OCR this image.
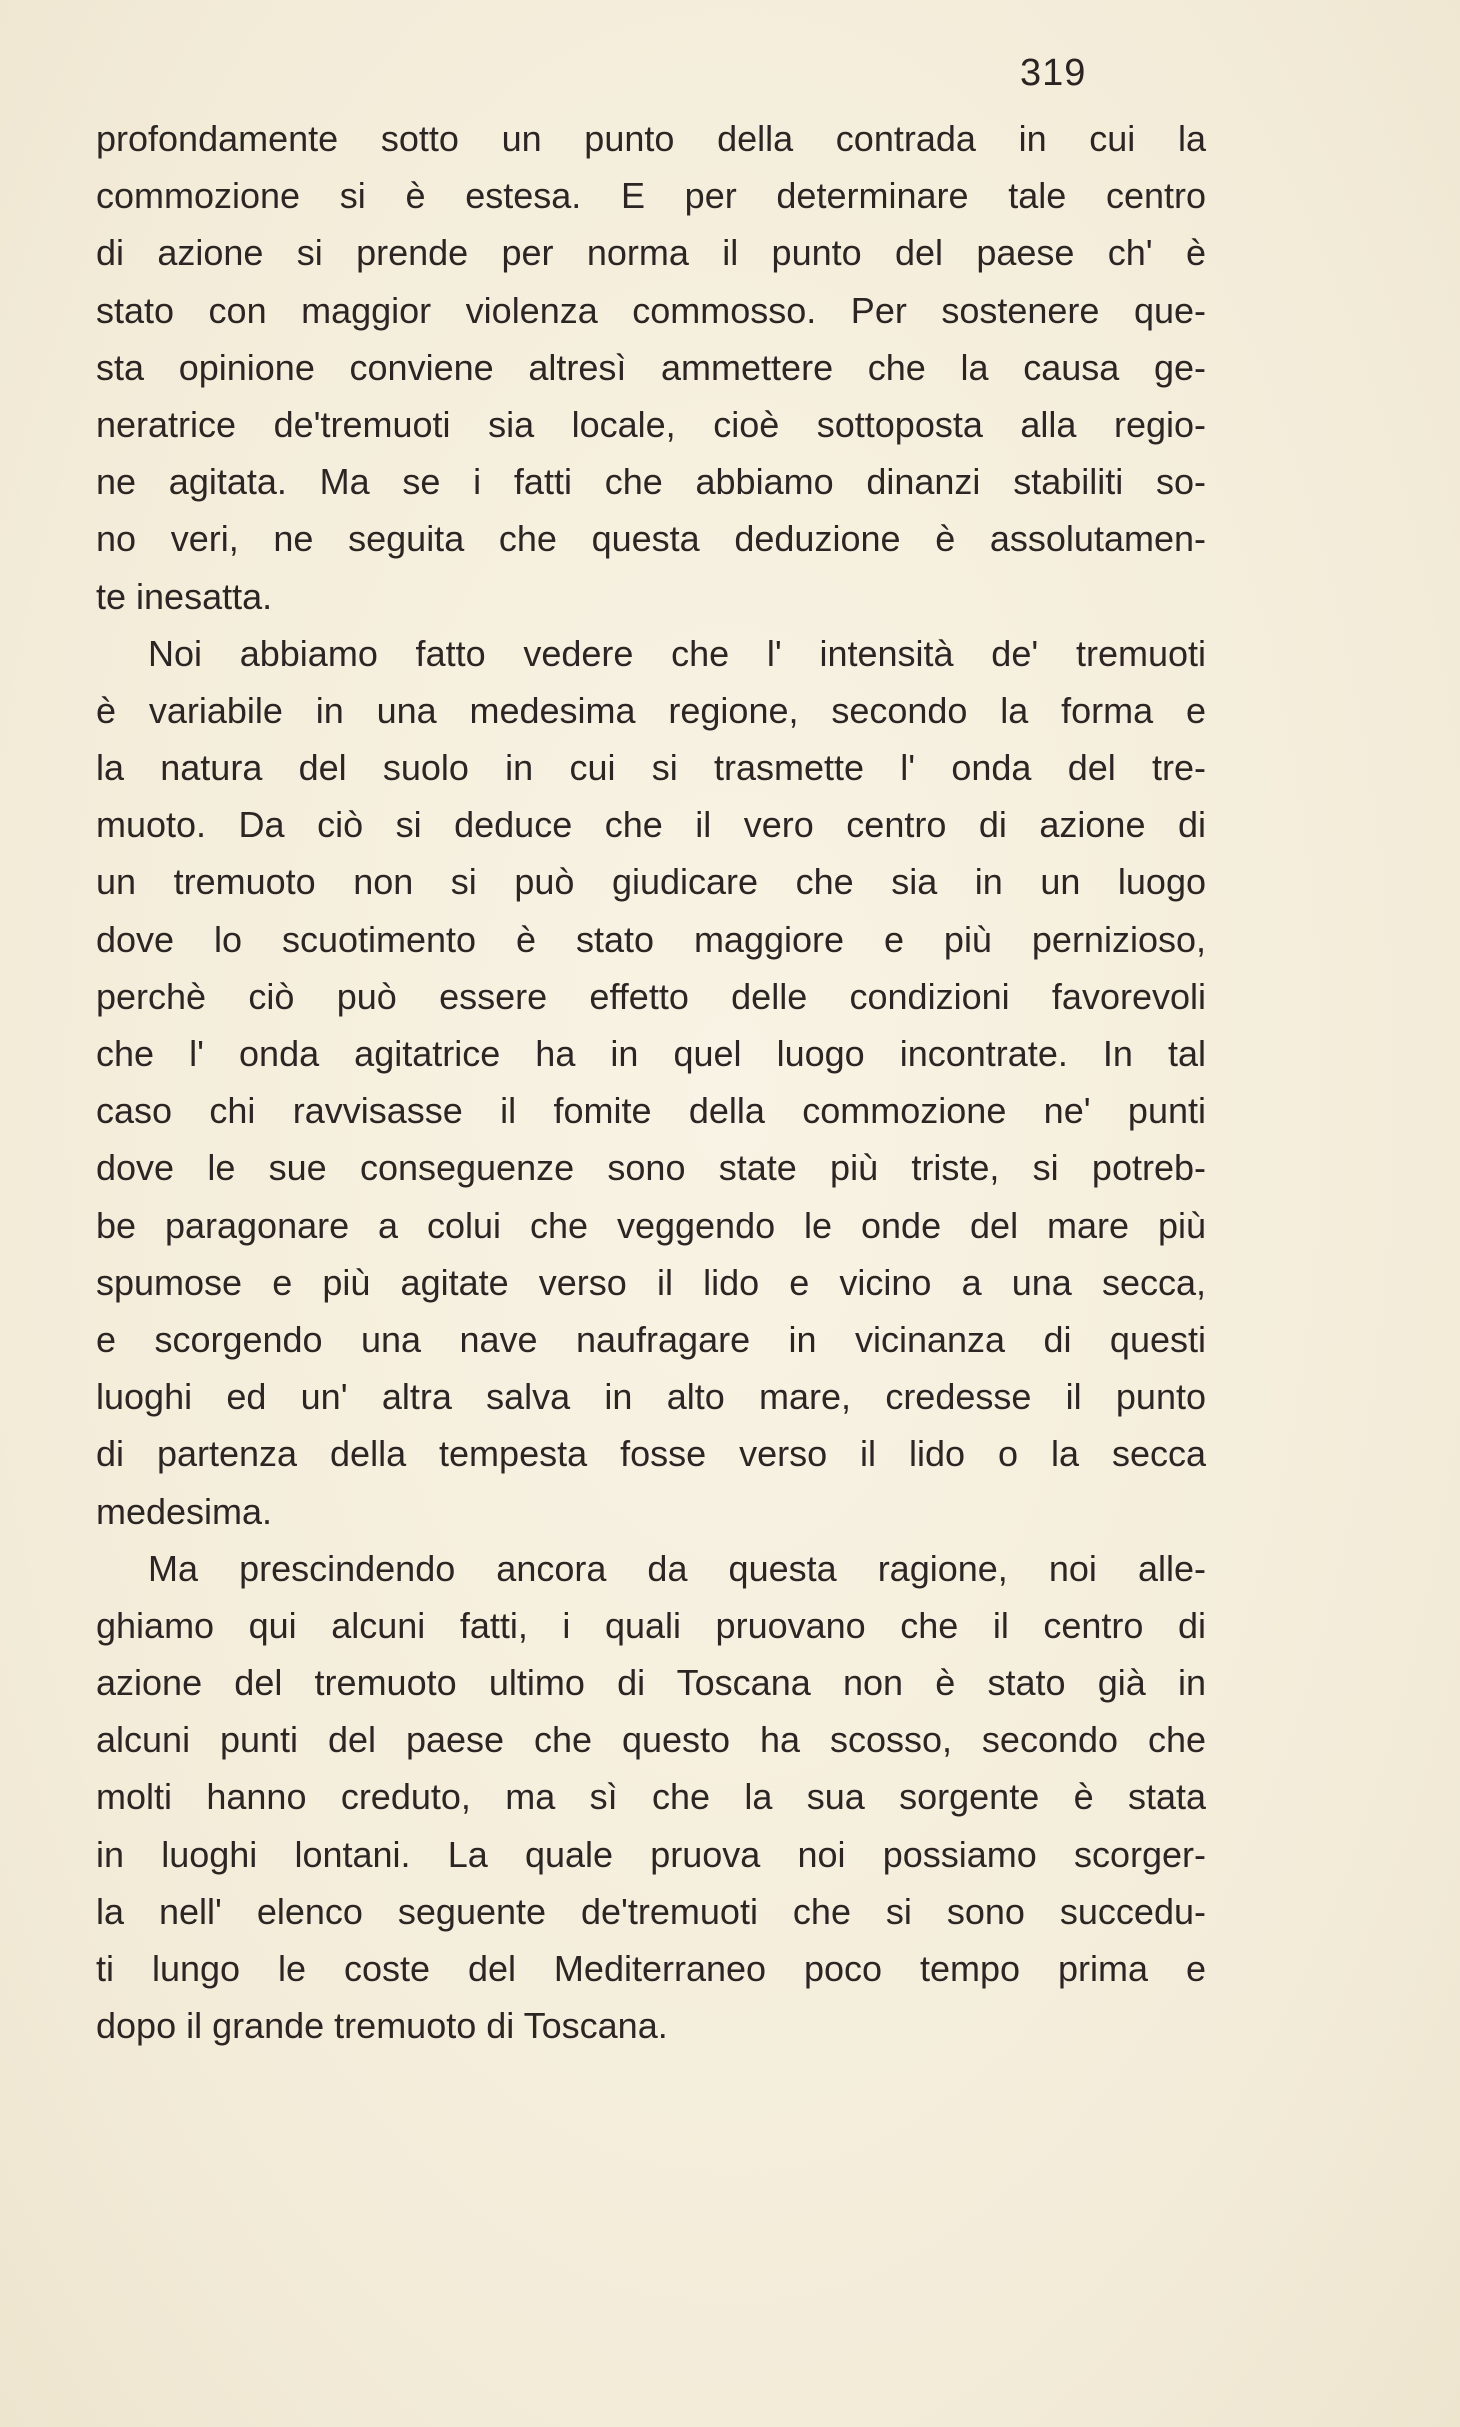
319
profondamente sotto un punto della contrada in cui la
commozione si è estesa. E per determinare tale centro
di azione si prende per norma il punto del paese ch' è
stato con maggior violenza commosso. Per sostenere que-
sta opinione conviene altresì ammettere che la causa ge-
neratrice de'tremuoti sia locale, cioè sottoposta alla regio-
ne agitata. Ma se i fatti che abbiamo dinanzi stabiliti so-
no veri, ne seguita che questa deduzione è assolutamen-
te inesatta.
Noi abbiamo fatto vedere che l' intensità de' tremuoti
è variabile in una medesima regione, secondo la forma e
la natura del suolo in cui si trasmette l' onda del tre-
muoto. Da ciò si deduce che il vero centro di azione di
un tremuoto non si può giudicare che sia in un luogo
dove lo scuotimento è stato maggiore e più pernizioso,
perchè ciò può essere effetto delle condizioni favorevoli
che l' onda agitatrice ha in quel luogo incontrate. In tal
caso chi ravvisasse il fomite della commozione ne' punti
dove le sue conseguenze sono state più triste, si potreb-
be paragonare a colui che veggendo le onde del mare più
spumose e più agitate verso il lido e vicino a una secca,
e scorgendo una nave naufragare in vicinanza di questi
luoghi ed un' altra salva in alto mare, credesse il punto
di partenza della tempesta fosse verso il lido o la secca
medesima.
Ma prescindendo ancora da questa ragione, noi alle-
ghiamo qui alcuni fatti, i quali pruovano che il centro di
azione del tremuoto ultimo di Toscana non è stato già in
alcuni punti del paese che questo ha scosso, secondo che
molti hanno creduto, ma sì che la sua sorgente è stata
in luoghi lontani. La quale pruova noi possiamo scorger-
la nell' elenco seguente de'tremuoti che si sono succedu-
ti lungo le coste del Mediterraneo poco tempo prima e
dopo il grande tremuoto di Toscana.
